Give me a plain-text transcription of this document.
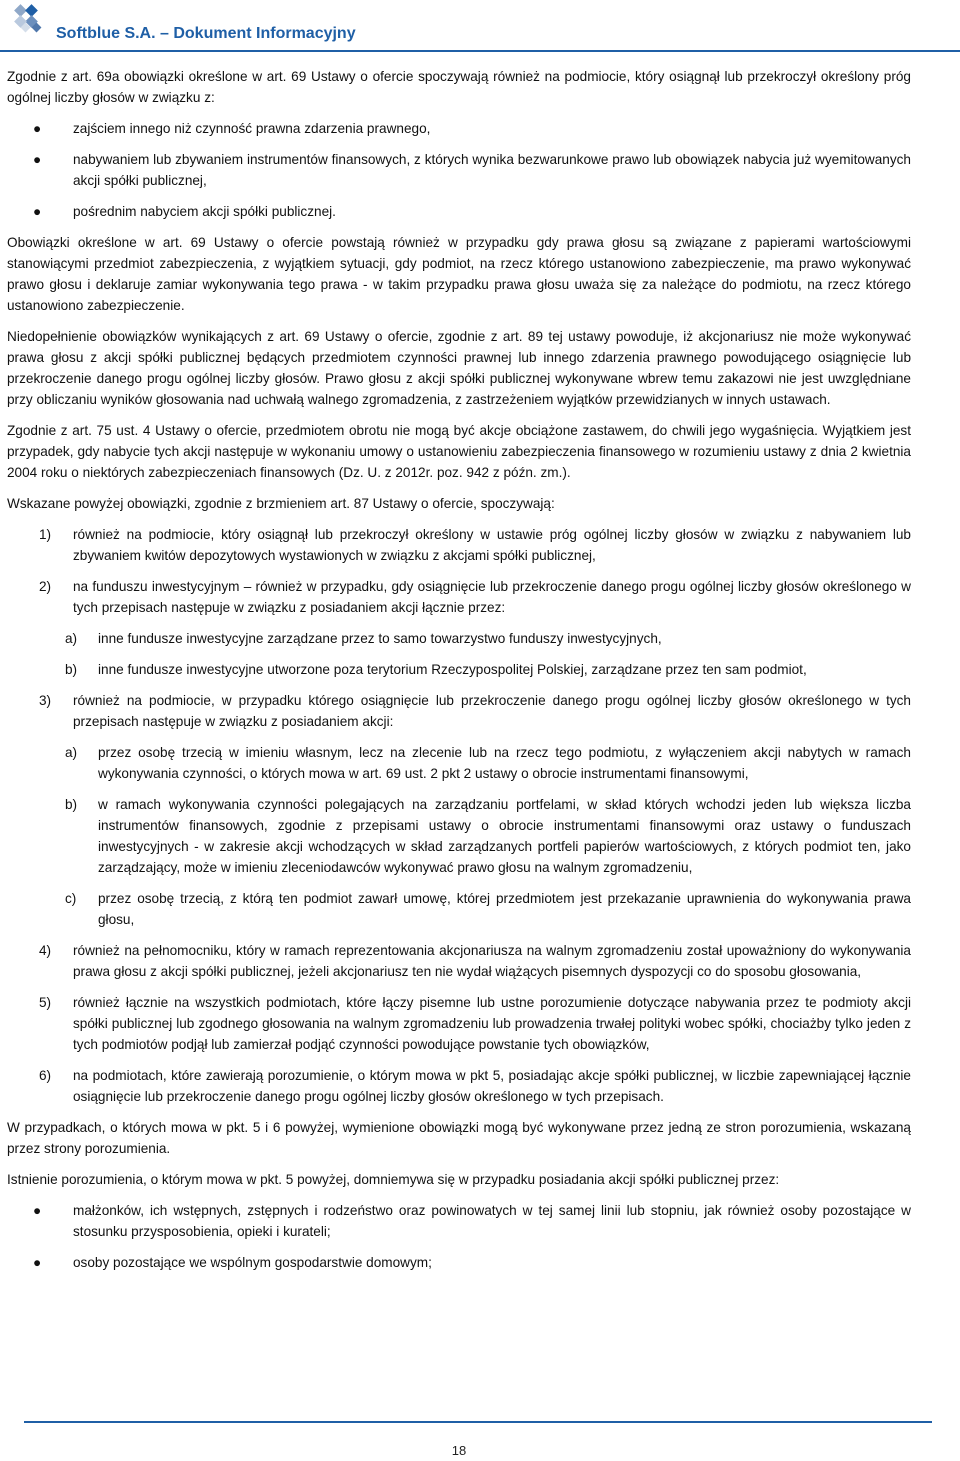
Softblue S.A. – Dokument Informacyjny

Zgodnie z art. 69a obowiązki określone w art. 69 Ustawy o ofercie spoczywają również na podmiocie, który osiągnął lub przekroczył określony próg ogólnej liczby głosów w związku z:

● zajściem innego niż czynność prawna zdarzenia prawnego,
● nabywaniem lub zbywaniem instrumentów finansowych, z których wynika bezwarunkowe prawo lub obowiązek nabycia już wyemitowanych akcji spółki publicznej,
● pośrednim nabyciem akcji spółki publicznej.

Obowiązki określone w art. 69 Ustawy o ofercie powstają również w przypadku gdy prawa głosu są związane z papierami wartościowymi stanowiącymi przedmiot zabezpieczenia, z wyjątkiem sytuacji, gdy podmiot, na rzecz którego ustanowiono zabezpieczenie, ma prawo wykonywać prawo głosu i deklaruje zamiar wykonywania tego prawa - w takim przypadku prawa głosu uważa się za należące do podmiotu, na rzecz którego ustanowiono zabezpieczenie.

Niedopełnienie obowiązków wynikających z art. 69 Ustawy o ofercie, zgodnie z art. 89 tej ustawy powoduje, iż akcjonariusz nie może wykonywać prawa głosu z akcji spółki publicznej będących przedmiotem czynności prawnej lub innego zdarzenia prawnego powodującego osiągnięcie lub przekroczenie danego progu ogólnej liczby głosów. Prawo głosu z akcji spółki publicznej wykonywane wbrew temu zakazowi nie jest uwzględniane przy obliczaniu wyników głosowania nad uchwałą walnego zgromadzenia, z zastrzeżeniem wyjątków przewidzianych w innych ustawach.

Zgodnie z art. 75 ust. 4 Ustawy o ofercie, przedmiotem obrotu nie mogą być akcje obciążone zastawem, do chwili jego wygaśnięcia. Wyjątkiem jest przypadek, gdy nabycie tych akcji następuje w wykonaniu umowy o ustanowieniu zabezpieczenia finansowego w rozumieniu ustawy z dnia 2 kwietnia 2004 roku o niektórych zabezpieczeniach finansowych (Dz. U. z 2012r. poz. 942 z późn. zm.).

Wskazane powyżej obowiązki, zgodnie z brzmieniem art. 87 Ustawy o ofercie, spoczywają:

1) również na podmiocie, który osiągnął lub przekroczył określony w ustawie próg ogólnej liczby głosów w związku z nabywaniem lub zbywaniem kwitów depozytowych wystawionych w związku z akcjami spółki publicznej,
2) na funduszu inwestycyjnym – również w przypadku, gdy osiągnięcie lub przekroczenie danego progu ogólnej liczby głosów określonego w tych przepisach następuje w związku z posiadaniem akcji łącznie przez:
a) inne fundusze inwestycyjne zarządzane przez to samo towarzystwo funduszy inwestycyjnych,
b) inne fundusze inwestycyjne utworzone poza terytorium Rzeczypospolitej Polskiej, zarządzane przez ten sam podmiot,
3) również na podmiocie, w przypadku którego osiągnięcie lub przekroczenie danego progu ogólnej liczby głosów określonego w tych przepisach następuje w związku z posiadaniem akcji:
a) przez osobę trzecią w imieniu własnym, lecz na zlecenie lub na rzecz tego podmiotu, z wyłączeniem akcji nabytych w ramach wykonywania czynności, o których mowa w art. 69 ust. 2 pkt 2 ustawy o obrocie instrumentami finansowymi,
b) w ramach wykonywania czynności polegających na zarządzaniu portfelami, w skład których wchodzi jeden lub większa liczba instrumentów finansowych, zgodnie z przepisami ustawy o obrocie instrumentami finansowymi oraz ustawy o funduszach inwestycyjnych - w zakresie akcji wchodzących w skład zarządzanych portfeli papierów wartościowych, z których podmiot ten, jako zarządzający, może w imieniu zleceniodawców wykonywać prawo głosu na walnym zgromadzeniu,
c) przez osobę trzecią, z którą ten podmiot zawarł umowę, której przedmiotem jest przekazanie uprawnienia do wykonywania prawa głosu,
4) również na pełnomocniku, który w ramach reprezentowania akcjonariusza na walnym zgromadzeniu został upoważniony do wykonywania prawa głosu z akcji spółki publicznej, jeżeli akcjonariusz ten nie wydał wiążących pisemnych dyspozycji co do sposobu głosowania,
5) również łącznie na wszystkich podmiotach, które łączy pisemne lub ustne porozumienie dotyczące nabywania przez te podmioty akcji spółki publicznej lub zgodnego głosowania na walnym zgromadzeniu lub prowadzenia trwałej polityki wobec spółki, chociażby tylko jeden z tych podmiotów podjął lub zamierzał podjąć czynności powodujące powstanie tych obowiązków,
6) na podmiotach, które zawierają porozumienie, o którym mowa w pkt 5, posiadając akcje spółki publicznej, w liczbie zapewniającej łącznie osiągnięcie lub przekroczenie danego progu ogólnej liczby głosów określonego w tych przepisach.

W przypadkach, o których mowa w pkt. 5 i 6 powyżej, wymienione obowiązki mogą być wykonywane przez jedną ze stron porozumienia, wskazaną przez strony porozumienia.

Istnienie porozumienia, o którym mowa w pkt. 5 powyżej, domniemywa się w przypadku posiadania akcji spółki publicznej przez:

● małżonków, ich wstępnych, zstępnych i rodzeństwo oraz powinowatych w tej samej linii lub stopniu, jak również osoby pozostające w stosunku przysposobienia, opieki i kurateli;
● osoby pozostające we wspólnym gospodarstwie domowym;
18
